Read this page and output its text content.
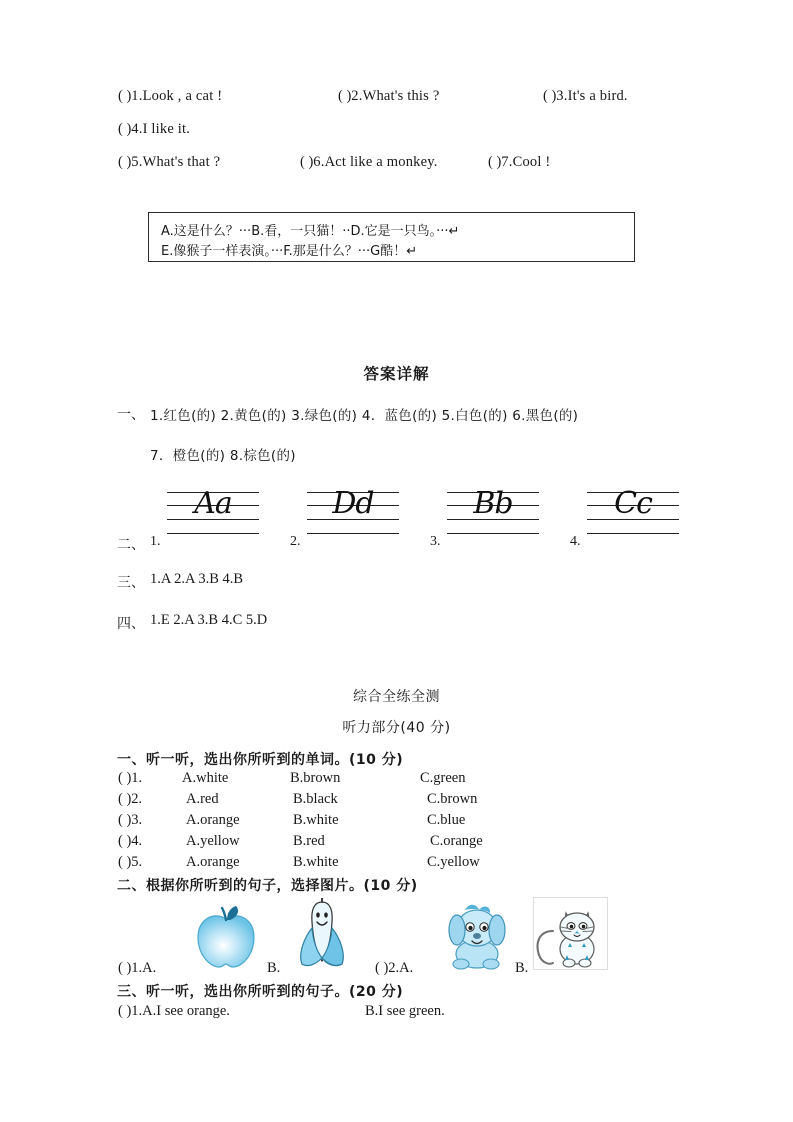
( )1.Look , a cat !	( )2.What's this ?	( )3.It's a bird.
( )4.I like it.
( )5.What's that ?	( )6.Act like a monkey.	( )7.Cool !
A.这是什么？···B.看，一只猫！··D.它是一只鸟。···↵
E.像猴子一样表演。···F.那是什么？···G酷！↵
答案详解
一、 1.红色(的) 2.黄色(的) 3.绿色(的) 4．蓝色(的) 5.白色(的) 6.黑色(的)
7．橙色(的) 8.棕色(的)
二、 1.
Aa
2.
Dd
3.
Bb
4.
Cc
三、 1.A 2.A 3.B 4.B
四、 1.E 2.A 3.B 4.C 5.D
综合全练全测
听力部分(40 分)
一、听一听，选出你所听到的单词。(10 分)
( )1.	A.white	B.brown	C.green
( )2.	A.red	B.black	C.brown
( )3.	A.orange	B.white	C.blue
( )4.	A.yellow	B.red	C.orange
( )5.	A.orange	B.white	C.yellow
二、根据你所听到的句子，选择图片。(10 分)
( )1.A.	B.	( )2.A.	B.
三、听一听，选出你所听到的句子。(20 分)
( )1.A.I see orange.	B.I see green.
